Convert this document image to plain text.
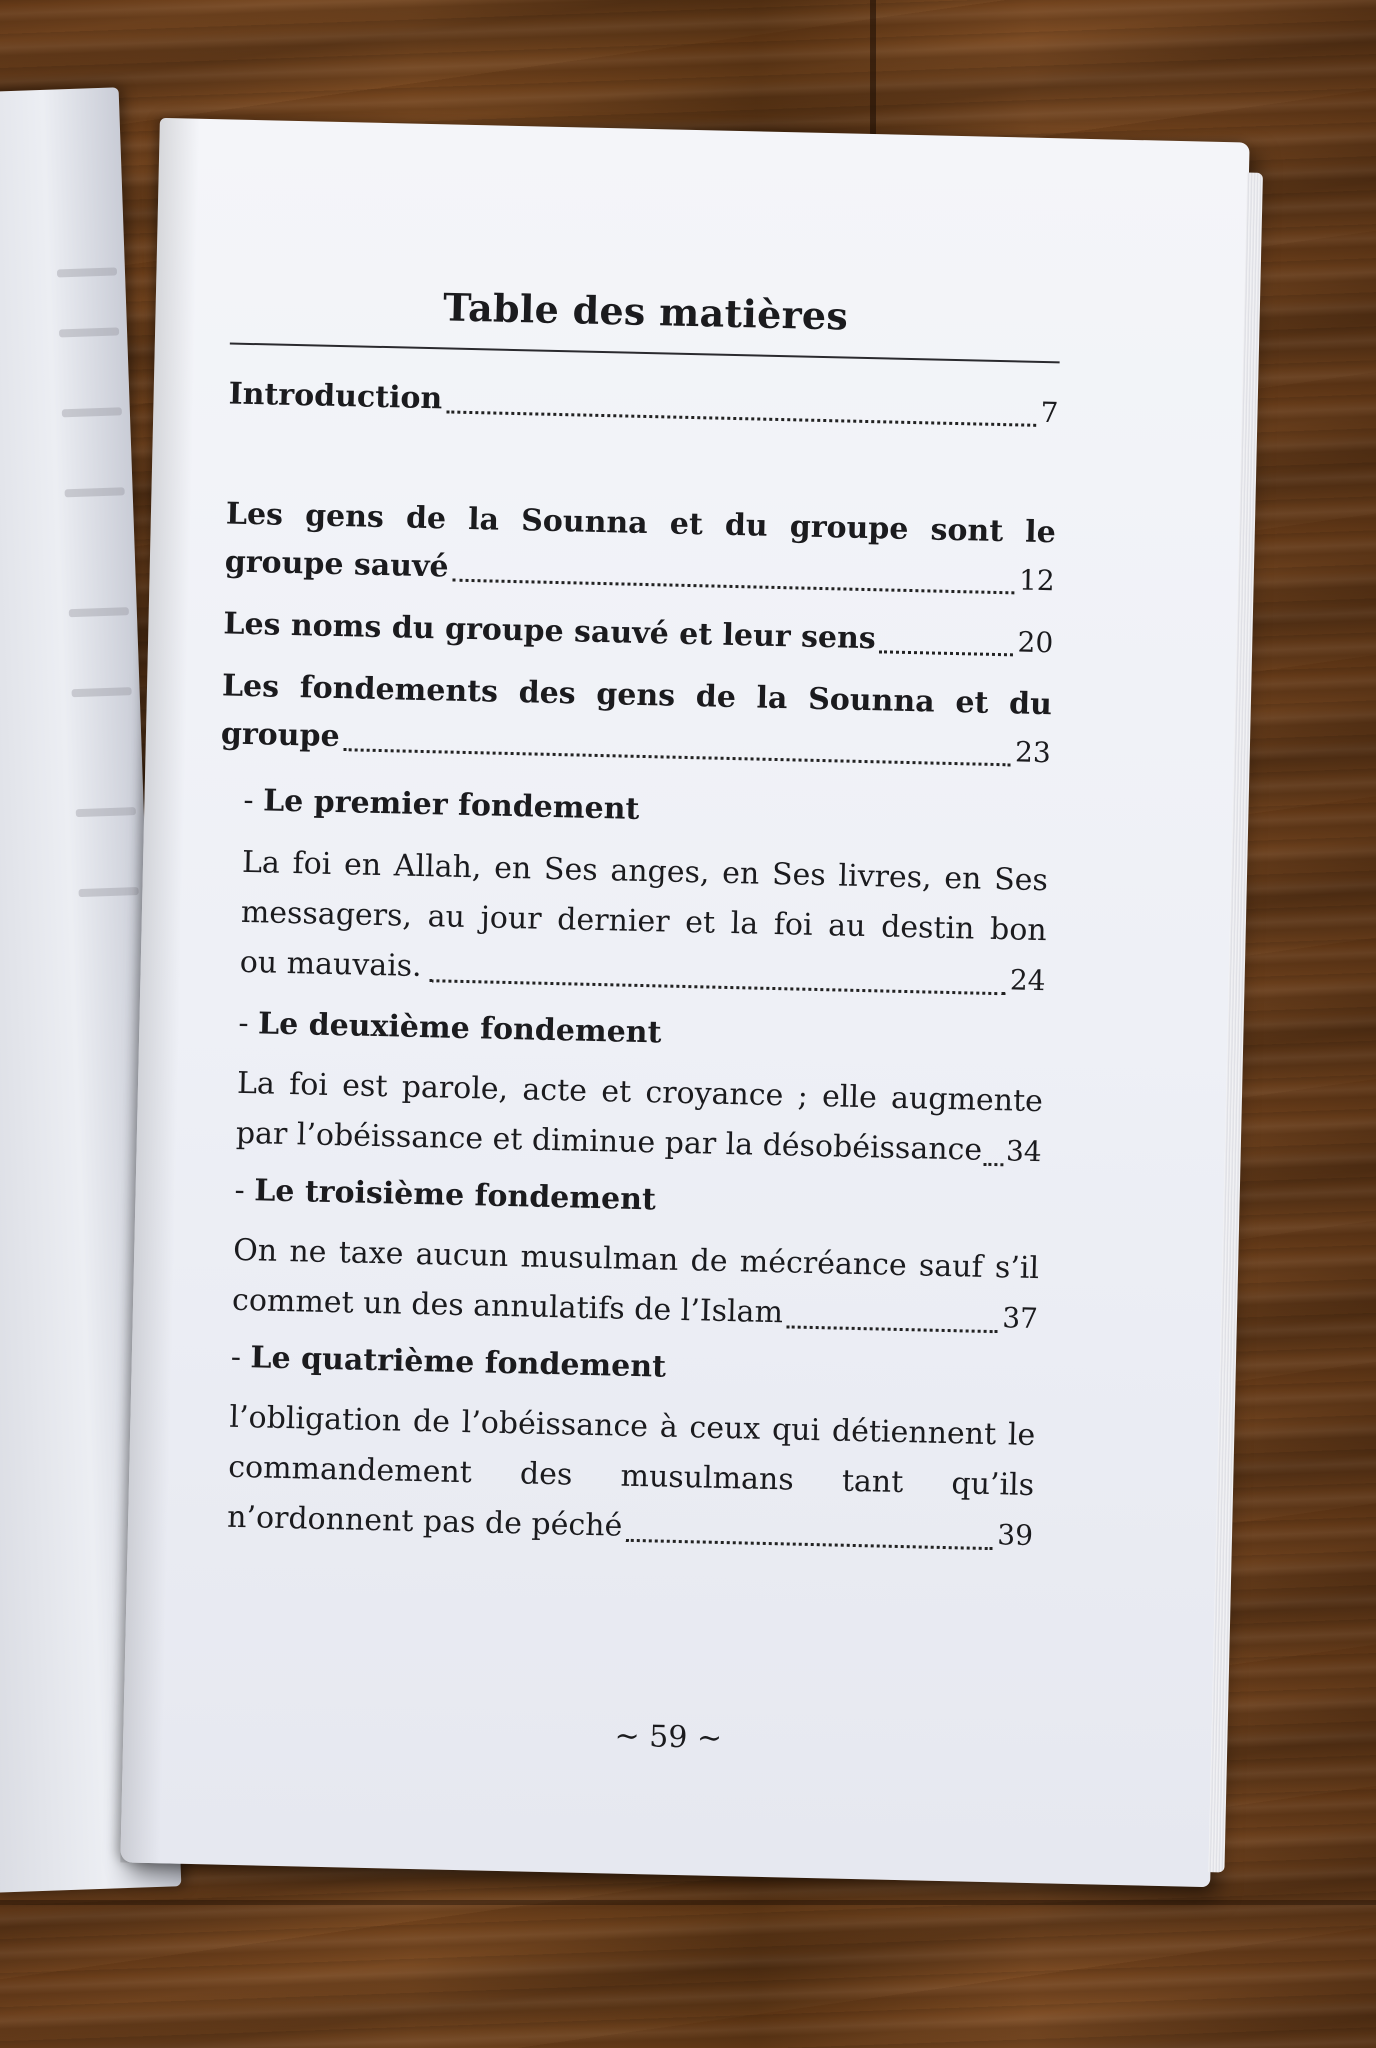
Table des matières
Introduction	7
Les gens de la Sounna et du groupe sont le
groupe sauvé	12
Les noms du groupe sauvé et leur sens	20
Les fondements des gens de la Sounna et du
groupe	23
- Le premier fondement
La foi en Allah, en Ses anges, en Ses livres, en Ses
messagers, au jour dernier et la foi au destin bon
ou mauvais.	24
- Le deuxième fondement
La foi est parole, acte et croyance ; elle augmente
par l’obéissance et diminue par la désobéissance 34
- Le troisième fondement
On ne taxe aucun musulman de mécréance sauf s’il
commet un des annulatifs de l’Islam	37
- Le quatrième fondement
l’obligation de l’obéissance à ceux qui détiennent le
commandement des musulmans tant qu’ils
n’ordonnent pas de péché	39
~ 59 ~
